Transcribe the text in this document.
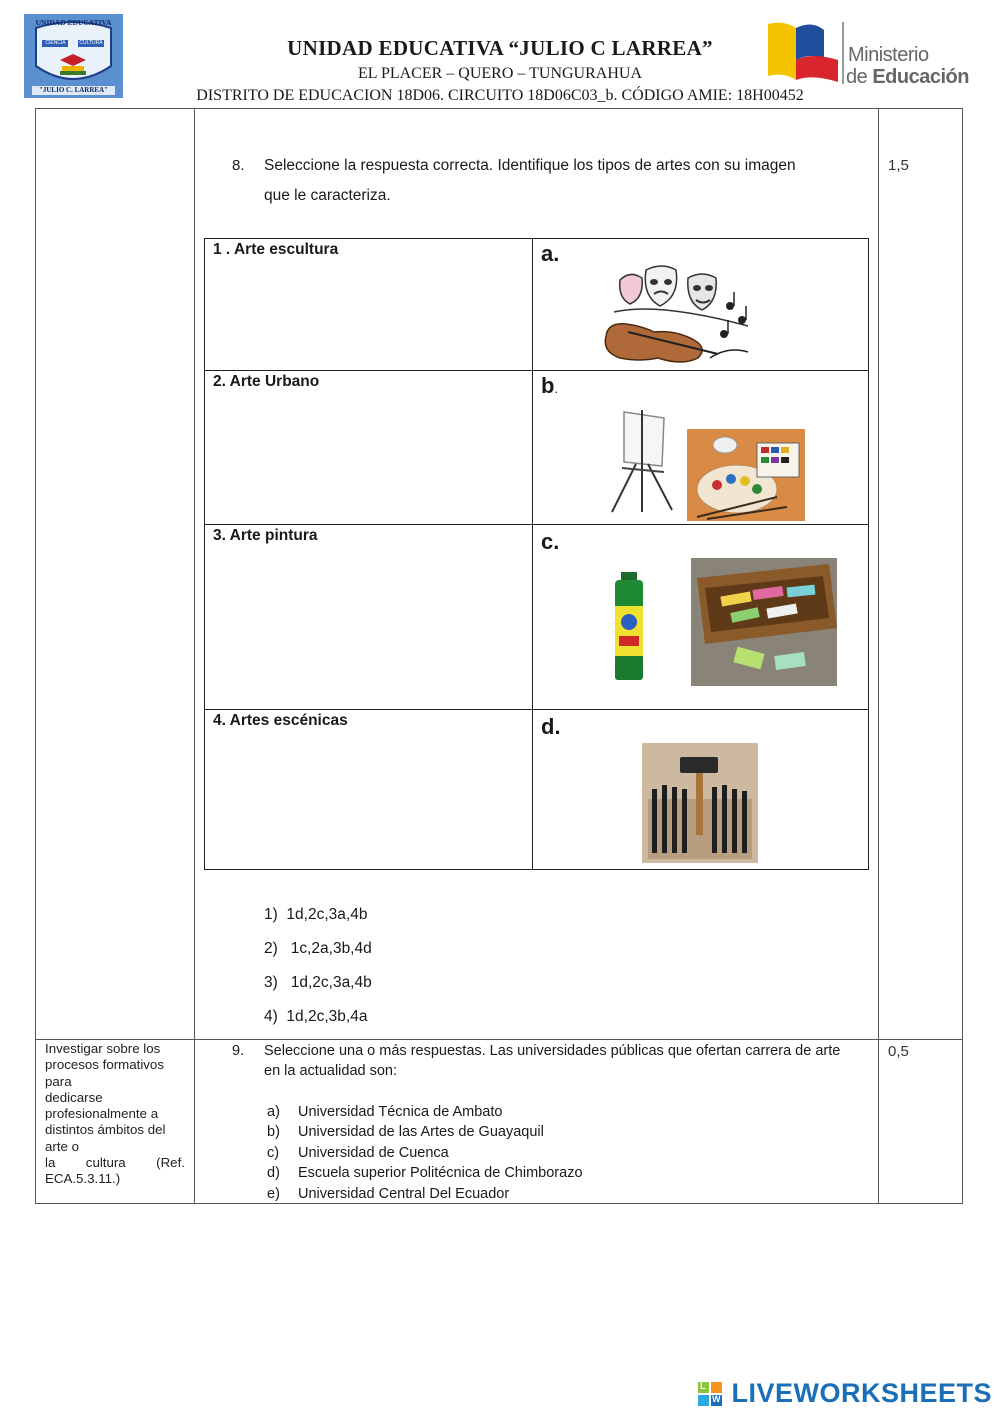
UNIDAD EDUCATIVA
CIENCIA	CULTURA
"JULIO C. LARREA"
UNIDAD EDUCATIVA “JULIO C LARREA”
EL PLACER – QUERO – TUNGURAHUA
DISTRITO DE EDUCACION 18D06. CIRCUITO 18D06C03_b. CÓDIGO AMIE: 18H00452
Ministerio
de Educación
8. Seleccione la respuesta correcta. Identifique los tipos de artes con su imagen
que le caracteriza.
1,5
1 . Arte escultura
2. Arte Urbano
3. Arte pintura
4. Artes escénicas
a.
b.
c.
d.
1) 1d,2c,3a,4b
2) 1c,2a,3b,4d
3) 1d,2c,3a,4b
4) 1d,2c,3b,4a
Investigar sobre los
procesos formativos
para
dedicarse
profesionalmente a
distintos ámbitos del
arte o
la cultura (Ref.
ECA.5.3.11.)
9. Seleccione una o más respuestas. Las universidades públicas que ofertan carrera de arte
en la actualidad son:
0,5
a) Universidad Técnica de Ambato
b) Universidad de las Artes de Guayaquil
c) Universidad de Cuenca
d) Escuela superior Politécnica de Chimborazo
e) Universidad Central Del Ecuador
L
W LIVEWORKSHEETS
